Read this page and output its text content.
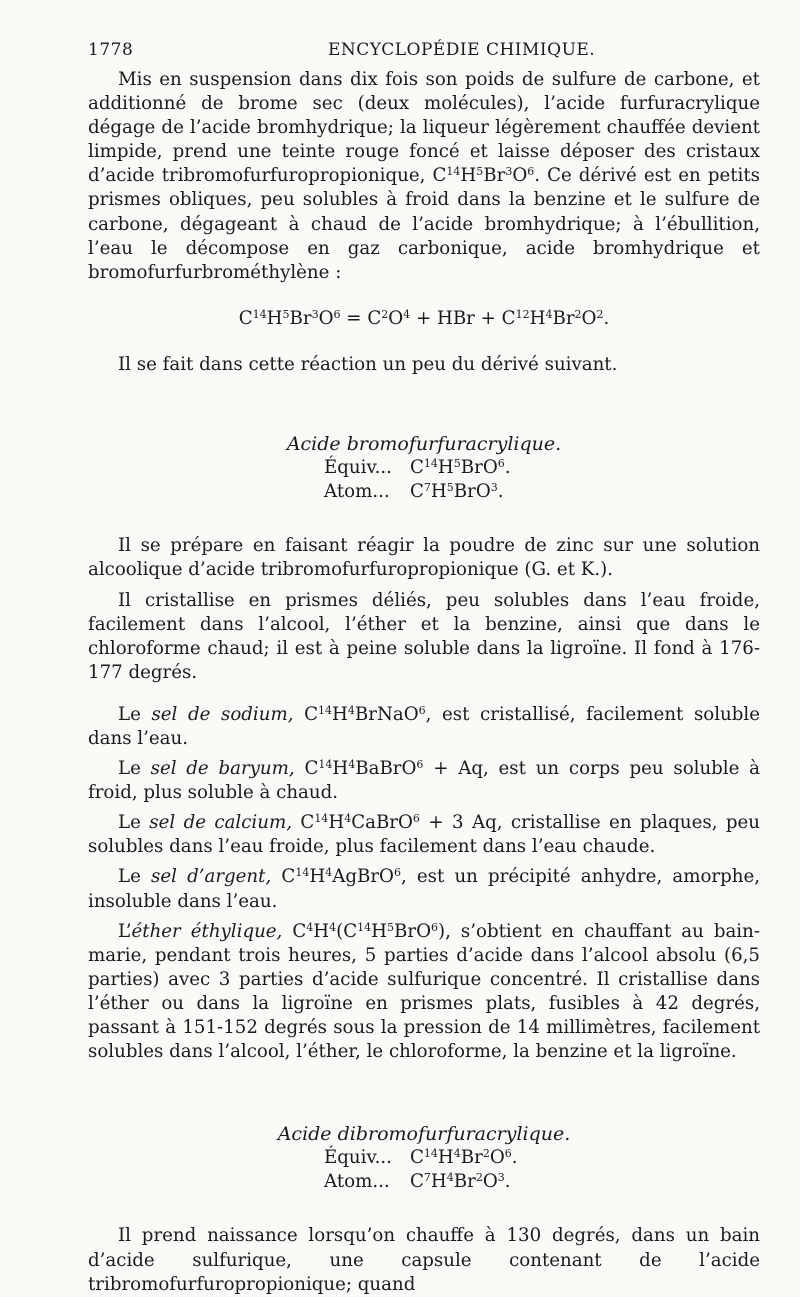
1778	ENCYCLOPÉDIE CHIMIQUE.

Mis en suspension dans dix fois son poids de sulfure de carbone, et additionné de brome sec (deux molécules), l’acide furfuracrylique dégage de l’acide bromhydrique; la liqueur légèrement chauffée devient limpide, prend une teinte rouge foncé et laisse déposer des cristaux d’acide tribromofurfuropropionique, $C^{14}H^5Br^3O^6$. Ce dérivé est en petits prismes obliques, peu solubles à froid dans la benzine et le sulfure de carbone, dégageant à chaud de l’acide bromhydrique; à l’ébullition, l’eau le décompose en gaz carbonique, acide bromhydrique et bromofurfurbrométhylène :

$C^{14}H^5Br^3O^6 = C^2O^4$ + HBr + $C^{12}H^4Br^2O^2$.

Il se fait dans cette réaction un peu du dérivé suivant.

Acide bromofurfuracrylique.

Équiv... $C^{14}H^5BrO^6$.
Atom... $C^7H^5BrO^3$.

Il se prépare en faisant réagir la poudre de zinc sur une solution alcoolique d’acide tribromofurfuropropionique (G. et K.).

Il cristallise en prismes déliés, peu solubles dans l’eau froide, facilement dans l’alcool, l’éther et la benzine, ainsi que dans le chloroforme chaud; il est à peine soluble dans la ligroïne. Il fond à 176-177 degrés.

Le sel de sodium, $C^{14}H^4BrNaO^6$, est cristallisé, facilement soluble dans l’eau.

Le sel de baryum, $C^{14}H^4BaBrO^6 + Aq$, est un corps peu soluble à froid, plus soluble à chaud.

Le sel de calcium, $C^{14}H^4CaBrO^6 + 3$ Aq, cristallise en plaques, peu solubles dans l’eau froide, plus facilement dans l’eau chaude.

Le sel d’argent, $C^{14}H^4AgBrO^6$, est un précipité anhydre, amorphe, insoluble dans l’eau.

L’éther éthylique, $C^4H^4(C^{14}H^5BrO^6)$, s’obtient en chauffant au bain-marie, pendant trois heures, 5 parties d’acide dans l’alcool absolu (6,5 parties) avec 3 parties d’acide sulfurique concentré. Il cristallise dans l’éther ou dans la ligroïne en prismes plats, fusibles à 42 degrés, passant à 151-152 degrés sous la pression de 14 millimètres, facilement solubles dans l’alcool, l’éther, le chloroforme, la benzine et la ligroïne.

Acide dibromofurfuracrylique.

Équiv... $C^{14}H^4Br^2O^6$.
Atom... $C^7H^4Br^2O^3$.

Il prend naissance lorsqu’on chauffe à 130 degrés, dans un bain d’acide sulfurique, une capsule contenant de l’acide tribromofurfuropropionique; quand
